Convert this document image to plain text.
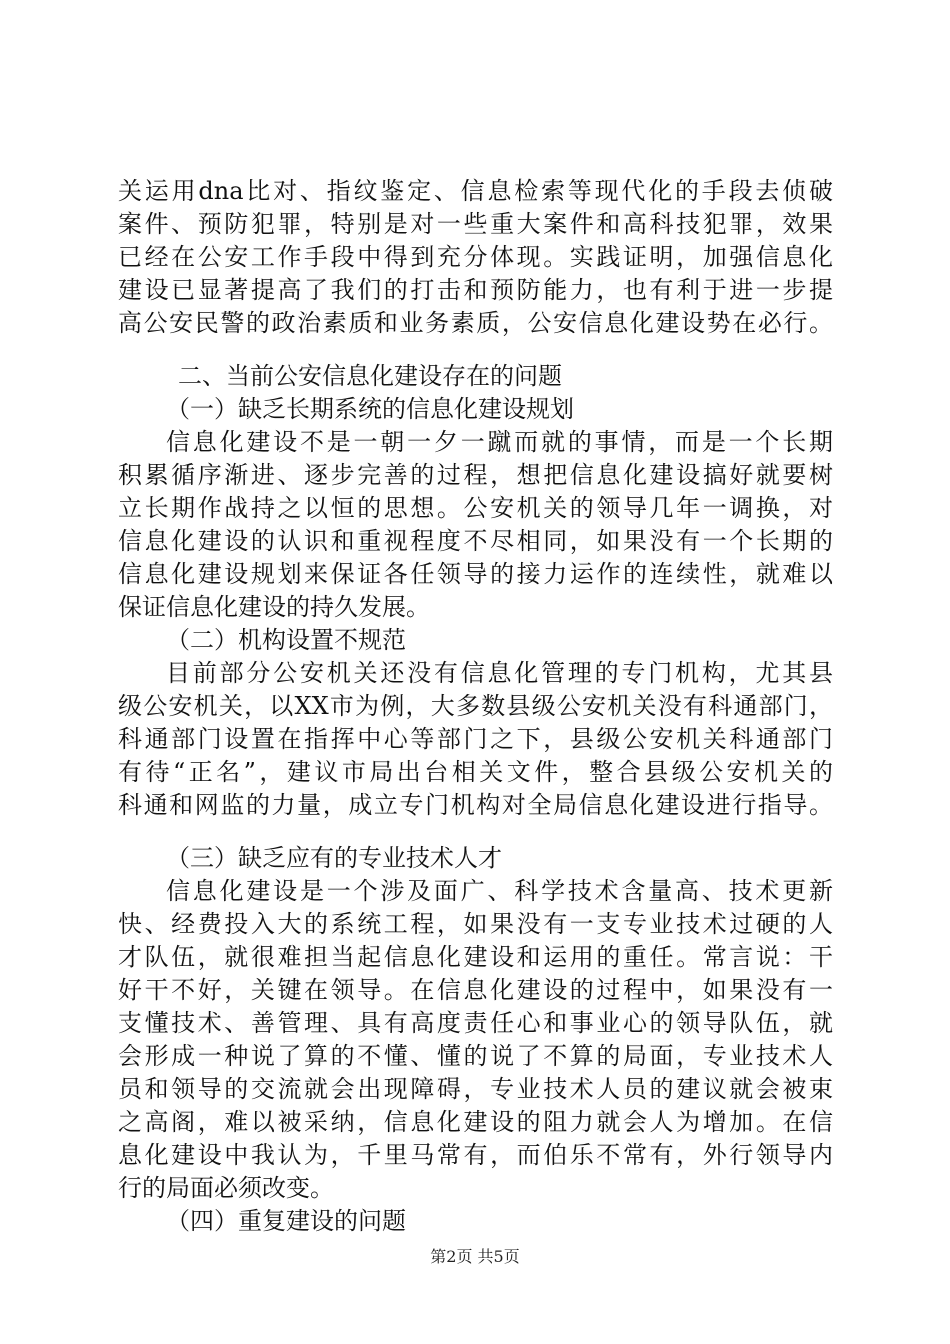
关运用dna比对、指纹鉴定、信息检索等现代化的手段去侦破
案件、预防犯罪，特别是对一些重大案件和高科技犯罪，效果
已经在公安工作手段中得到充分体现。实践证明，加强信息化
建设已显著提高了我们的打击和预防能力，也有利于进一步提
高公安民警的政治素质和业务素质，公安信息化建设势在必行。
二、当前公安信息化建设存在的问题
（一）缺乏长期系统的信息化建设规划
信息化建设不是一朝一夕一蹴而就的事情，而是一个长期
积累循序渐进、逐步完善的过程，想把信息化建设搞好就要树
立长期作战持之以恒的思想。公安机关的领导几年一调换，对
信息化建设的认识和重视程度不尽相同，如果没有一个长期的
信息化建设规划来保证各任领导的接力运作的连续性，就难以
保证信息化建设的持久发展。
（二）机构设置不规范
目前部分公安机关还没有信息化管理的专门机构，尤其县
级公安机关，以XX市为例，大多数县级公安机关没有科通部门，
科通部门设置在指挥中心等部门之下，县级公安机关科通部门
有待“正名”，建议市局出台相关文件，整合县级公安机关的
科通和网监的力量，成立专门机构对全局信息化建设进行指导。
（三）缺乏应有的专业技术人才
信息化建设是一个涉及面广、科学技术含量高、技术更新
快、经费投入大的系统工程，如果没有一支专业技术过硬的人
才队伍，就很难担当起信息化建设和运用的重任。常言说：干
好干不好，关键在领导。在信息化建设的过程中，如果没有一
支懂技术、善管理、具有高度责任心和事业心的领导队伍，就
会形成一种说了算的不懂、懂的说了不算的局面，专业技术人
员和领导的交流就会出现障碍，专业技术人员的建议就会被束
之高阁，难以被采纳，信息化建设的阻力就会人为增加。在信
息化建设中我认为，千里马常有，而伯乐不常有，外行领导内
行的局面必须改变。
（四）重复建设的问题
第2页 共5页
